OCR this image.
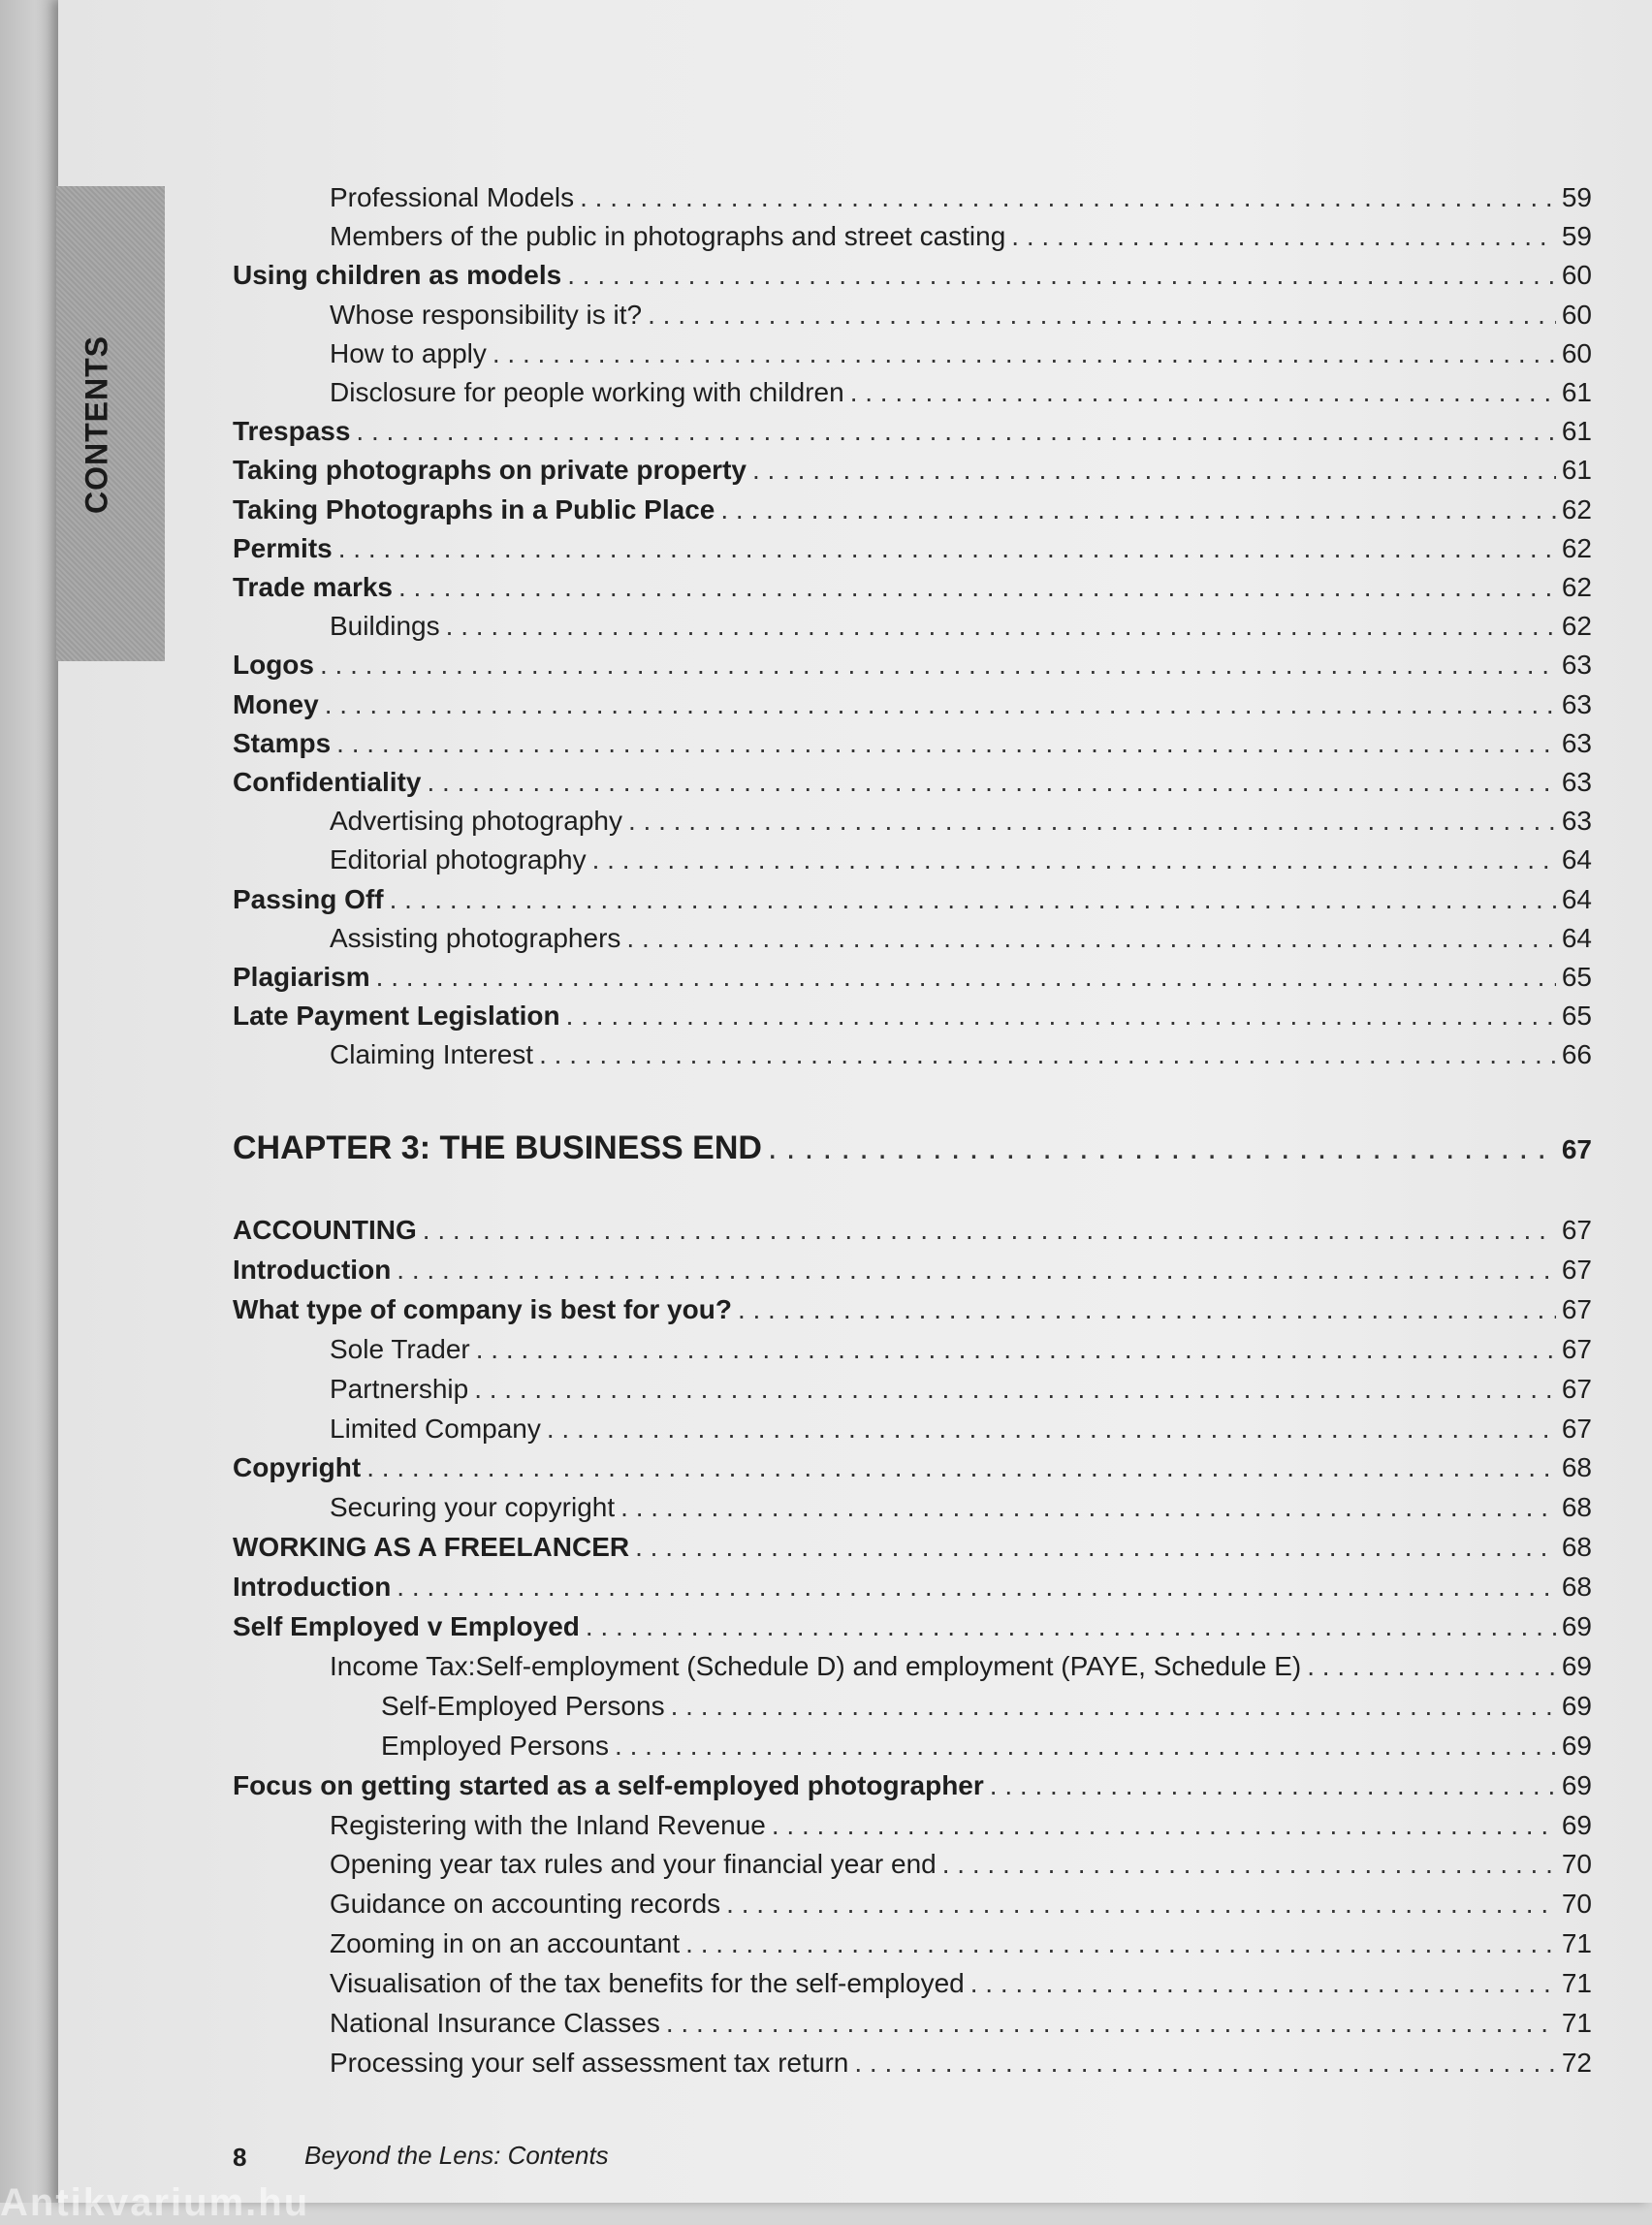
CONTENTS
Professional Models . . .	59
Members of the public in photographs and street casting . . .	59
Using children as models . . .	60
Whose responsibility is it? . . .	60
How to apply . . .	60
Disclosure for people working with children . . .	61
Trespass . . .	61
Taking photographs on private property . . .	61
Taking Photographs in a Public Place . . .	62
Permits . . .	62
Trade marks . . .	62
Buildings . . .	62
Logos . . .	63
Money . . .	63
Stamps . . .	63
Confidentiality . . .	63
Advertising photography . . .	63
Editorial photography . . .	64
Passing Off . . .	64
Assisting photographers . . .	64
Plagiarism . . .	65
Late Payment Legislation . . .	65
Claiming Interest . . .	66
CHAPTER 3: THE BUSINESS END . . .	67
ACCOUNTING . . .	67
Introduction . . .	67
What type of company is best for you? . . .	67
Sole Trader . . .	67
Partnership . . .	67
Limited Company . . .	67
Copyright . . .	68
Securing your copyright . . .	68
WORKING AS A FREELANCER . . .	68
Introduction . . .	68
Self Employed v Employed . . .	69
Income Tax:Self-employment (Schedule D) and employment (PAYE, Schedule E) . . .	69
Self-Employed Persons . . .	69
Employed Persons . . .	69
Focus on getting started as a self-employed photographer . . .	69
Registering with the Inland Revenue . . .	69
Opening year tax rules and your financial year end . . .	70
Guidance on accounting records . . .	70
Zooming in on an accountant . . .	71
Visualisation of the tax benefits for the self-employed . . .	71
National Insurance Classes . . .	71
Processing your self assessment tax return . . .	72
8 Beyond the Lens: Contents
Antikvarium.hu
